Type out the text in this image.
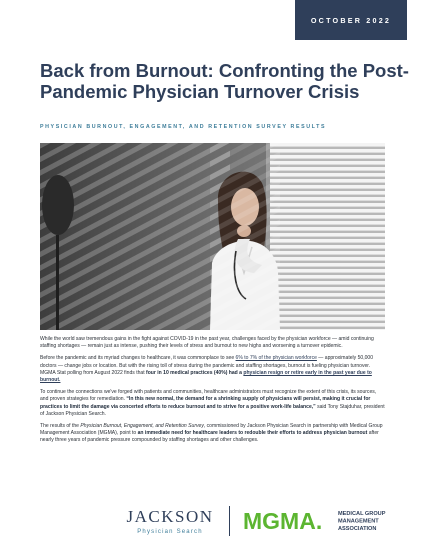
OCTOBER 2022
Back from Burnout: Confronting the Post-Pandemic Physician Turnover Crisis
PHYSICIAN BURNOUT, ENGAGEMENT, AND RETENTION SURVEY RESULTS

While the world saw tremendous gains in the fight against COVID-19 in the past year, challenges faced by the physician workforce — amid continuing staffing shortages — remain just as intense, pushing their levels of stress and burnout to new highs and worsening a turnover epidemic.

Before the pandemic and its myriad changes to healthcare, it was commonplace to see 6% to 7% of the physician workforce — approximately 50,000 doctors — change jobs or location. But with the rising toll of stress during the pandemic and staffing shortages, burnout is fueling physician turnover. MGMA Stat polling from August 2022 finds that four in 10 medical practices (40%) had a physician resign or retire early in the past year due to burnout.

To continue the connections we've forged with patients and communities, healthcare administrators must recognize the extent of this crisis, its sources, and proven strategies for remediation. “In this new normal, the demand for a shrinking supply of physicians will persist, making it crucial for practices to limit the damage via concerted efforts to reduce burnout and to strive for a positive work-life balance,” said Tony Stajduhar, president of Jackson Physician Search.

The results of the Physician Burnout, Engagement, and Retention Survey, commissioned by Jackson Physician Search in partnership with Medical Group Management Association (MGMA), point to an immediate need for healthcare leaders to redouble their efforts to address physician burnout after nearly three years of pandemic pressure compounded by staffing shortages and other challenges.

JACKSON
Physician Search MGMA.	MEDICAL GROUP
MANAGEMENT
ASSOCIATION
